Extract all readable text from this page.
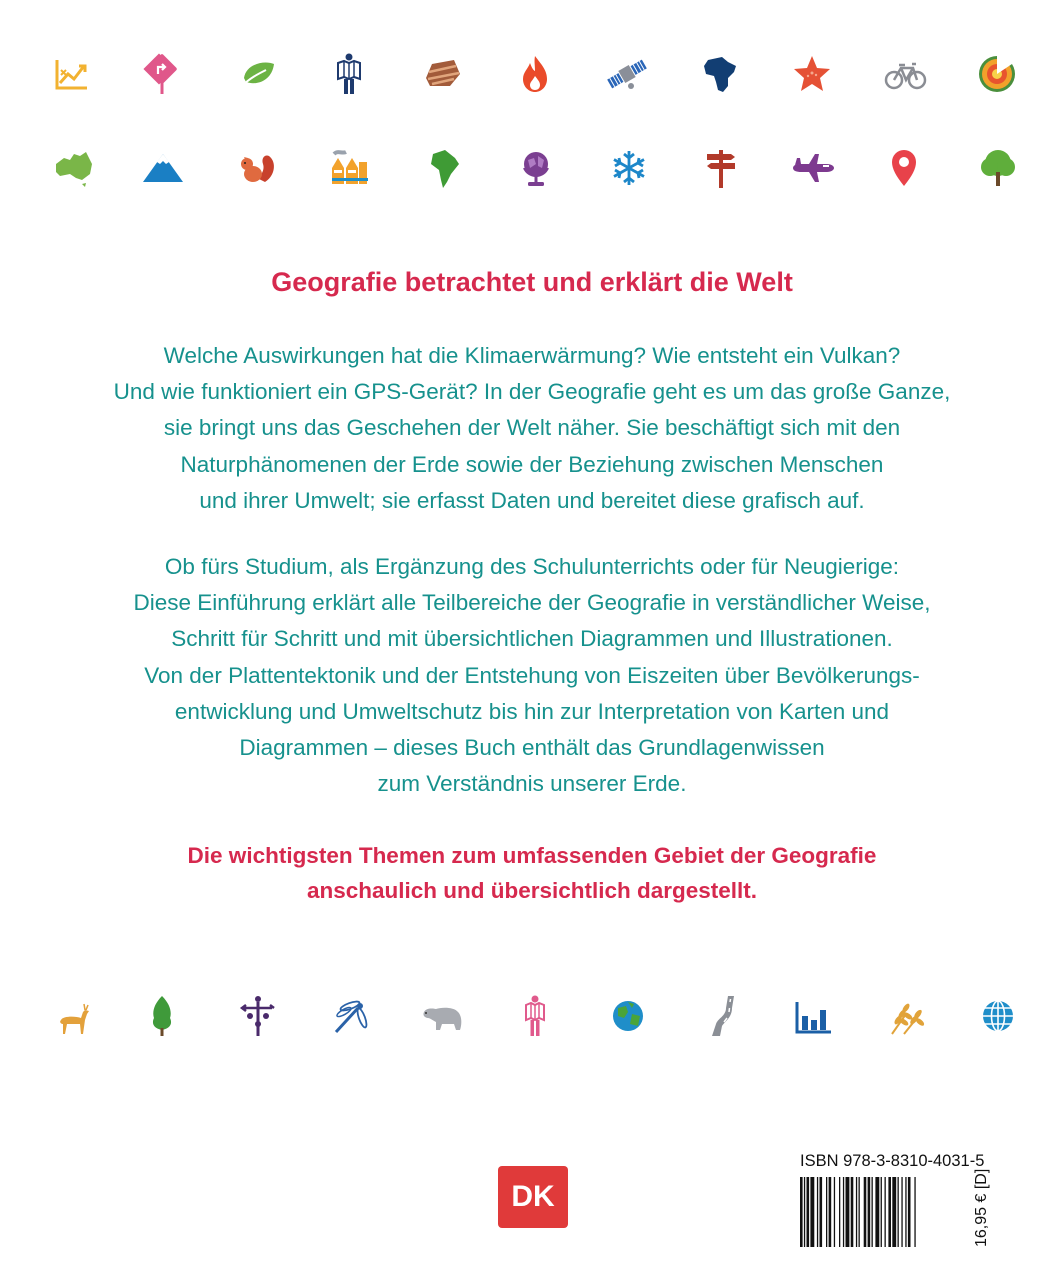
Geografie betrachtet und erklärt die Welt

Welche Auswirkungen hat die Klimaerwärmung? Wie entsteht ein Vulkan?
Und wie funktioniert ein GPS-Gerät? In der Geografie geht es um das große Ganze,
sie bringt uns das Geschehen der Welt näher. Sie beschäftigt sich mit den
Naturphänomenen der Erde sowie der Beziehung zwischen Menschen
und ihrer Umwelt; sie erfasst Daten und bereitet diese grafisch auf.

Ob fürs Studium, als Ergänzung des Schulunterrichts oder für Neugierige:
Diese Einführung erklärt alle Teilbereiche der Geografie in verständlicher Weise,
Schritt für Schritt und mit übersichtlichen Diagrammen und Illustrationen.
Von der Plattentektonik und der Entstehung von Eiszeiten über Bevölkerungs-
entwicklung und Umweltschutz bis hin zur Interpretation von Karten und
Diagrammen – dieses Buch enthält das Grundlagenwissen
zum Verständnis unserer Erde.

Die wichtigsten Themen zum umfassenden Gebiet der Geografie
anschaulich und übersichtlich dargestellt.

DK
ISBN 978-3-8310-4031-5
16,95 € [D]
